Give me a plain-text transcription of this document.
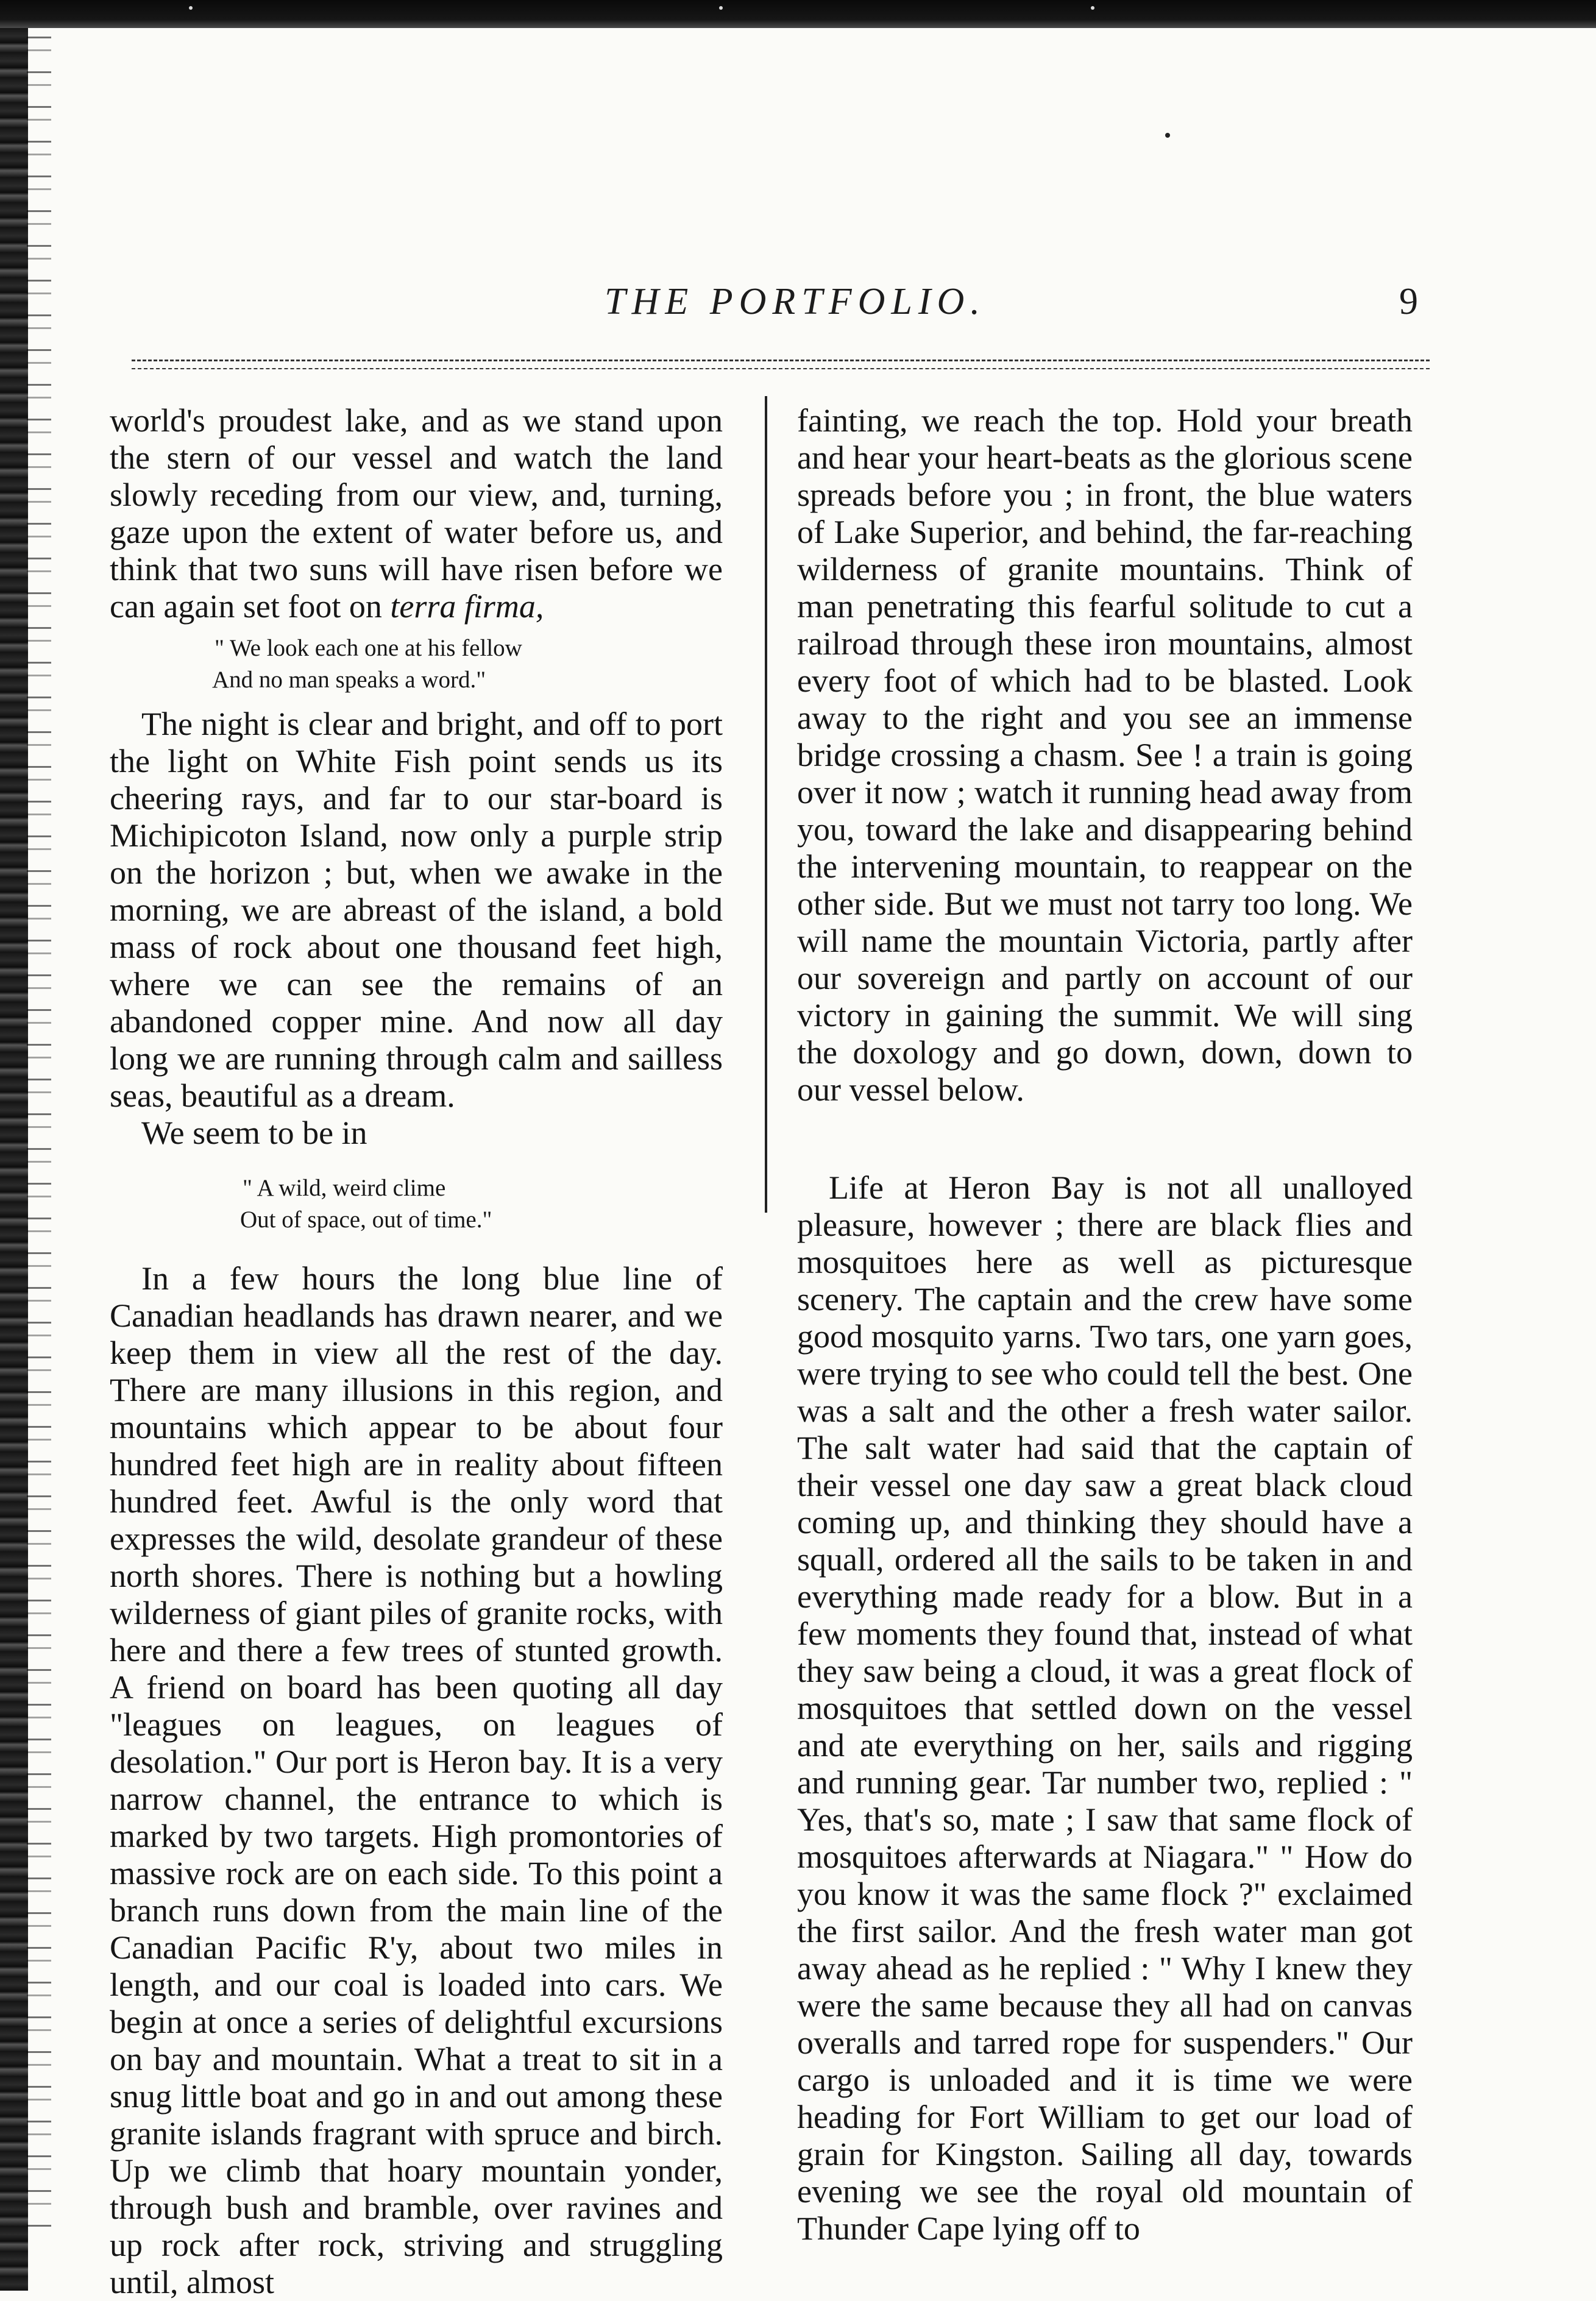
THE PORTFOLIO.	9

world's proudest lake, and as we stand upon the stern of our vessel and watch the land slowly receding from our view, and, turning, gaze upon the extent of water before us, and think that two suns will have risen before we can again set foot on terra firma,

" We look each one at his fellow
And no man speaks a word."

The night is clear and bright, and off to port the light on White Fish point sends us its cheering rays, and far to our star-board is Michipicoton Island, now only a purple strip on the horizon ; but, when we awake in the morning, we are abreast of the island, a bold mass of rock about one thousand feet high, where we can see the remains of an abandoned copper mine. And now all day long we are running through calm and sailless seas, beautiful as a dream.

We seem to be in

" A wild, weird clime
Out of space, out of time."

In a few hours the long blue line of Canadian headlands has drawn nearer, and we keep them in view all the rest of the day. There are many illusions in this region, and mountains which appear to be about four hundred feet high are in reality about fifteen hundred feet. Awful is the only word that expresses the wild, desolate grandeur of these north shores. There is nothing but a howling wilderness of giant piles of granite rocks, with here and there a few trees of stunted growth. A friend on board has been quoting all day "leagues on leagues, on leagues of desolation." Our port is Heron bay. It is a very narrow channel, the entrance to which is marked by two targets. High promontories of massive rock are on each side. To this point a branch runs down from the main line of the Canadian Pacific R'y, about two miles in length, and our coal is loaded into cars. We begin at once a series of delightful excursions on bay and mountain. What a treat to sit in a snug little boat and go in and out among these granite islands fragrant with spruce and birch. Up we climb that hoary mountain yonder, through bush and bramble, over ravines and up rock after rock, striving and struggling until, almost

fainting, we reach the top. Hold your breath and hear your heart-beats as the glorious scene spreads before you ; in front, the blue waters of Lake Superior, and behind, the far-reaching wilderness of granite mountains. Think of man penetrating this fearful solitude to cut a railroad through these iron mountains, almost every foot of which had to be blasted. Look away to the right and you see an immense bridge crossing a chasm. See ! a train is going over it now ; watch it running head away from you, toward the lake and disappearing behind the intervening mountain, to reappear on the other side. But we must not tarry too long. We will name the mountain Victoria, partly after our sovereign and partly on account of our victory in gaining the summit. We will sing the doxology and go down, down, down to our vessel below.

Life at Heron Bay is not all unalloyed pleasure, however ; there are black flies and mosquitoes here as well as picturesque scenery. The captain and the crew have some good mosquito yarns. Two tars, one yarn goes, were trying to see who could tell the best. One was a salt and the other a fresh water sailor. The salt water had said that the captain of their vessel one day saw a great black cloud coming up, and thinking they should have a squall, ordered all the sails to be taken in and everything made ready for a blow. But in a few moments they found that, instead of what they saw being a cloud, it was a great flock of mosquitoes that settled down on the vessel and ate everything on her, sails and rigging and running gear. Tar number two, replied : " Yes, that's so, mate ; I saw that same flock of mosquitoes afterwards at Niagara." " How do you know it was the same flock ?" exclaimed the first sailor. And the fresh water man got away ahead as he replied : " Why I knew they were the same because they all had on canvas overalls and tarred rope for suspenders." Our cargo is unloaded and it is time we were heading for Fort William to get our load of grain for Kingston. Sailing all day, towards evening we see the royal old mountain of Thunder Cape lying off to
